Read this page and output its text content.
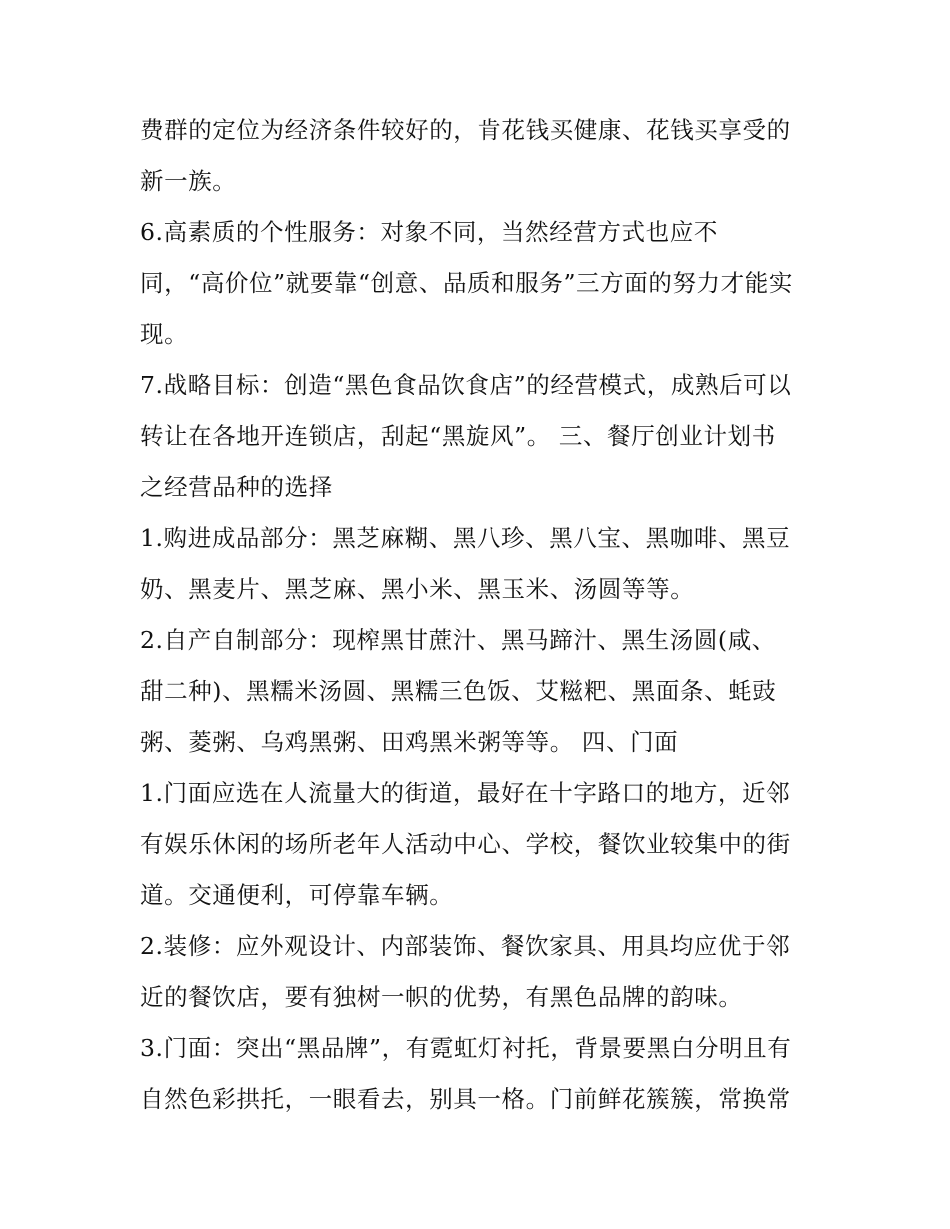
费群的定位为经济条件较好的，肯花钱买健康、花钱买享受的
新一族。
6.高素质的个性服务：对象不同，当然经营方式也应不
同，“高价位”就要靠“创意、品质和服务”三方面的努力才能实
现。
7.战略目标：创造“黑色食品饮食店”的经营模式，成熟后可以
转让在各地开连锁店，刮起“黑旋风”。 三、餐厅创业计划书
之经营品种的选择
1.购进成品部分：黑芝麻糊、黑八珍、黑八宝、黑咖啡、黑豆
奶、黑麦片、黑芝麻、黑小米、黑玉米、汤圆等等。
2.自产自制部分：现榨黑甘蔗汁、黑马蹄汁、黑生汤圆(咸、
甜二种)、黑糯米汤圆、黑糯三色饭、艾糍粑、黑面条、蚝豉
粥、菱粥、乌鸡黑粥、田鸡黑米粥等等。 四、门面
1.门面应选在人流量大的街道，最好在十字路口的地方，近邻
有娱乐休闲的场所老年人活动中心、学校，餐饮业较集中的街
道。交通便利，可停靠车辆。
2.装修：应外观设计、内部装饰、餐饮家具、用具均应优于邻
近的餐饮店，要有独树一帜的优势，有黑色品牌的韵味。
3.门面：突出“黑品牌”，有霓虹灯衬托，背景要黑白分明且有
自然色彩拱托，一眼看去，别具一格。门前鲜花簇簇，常换常
